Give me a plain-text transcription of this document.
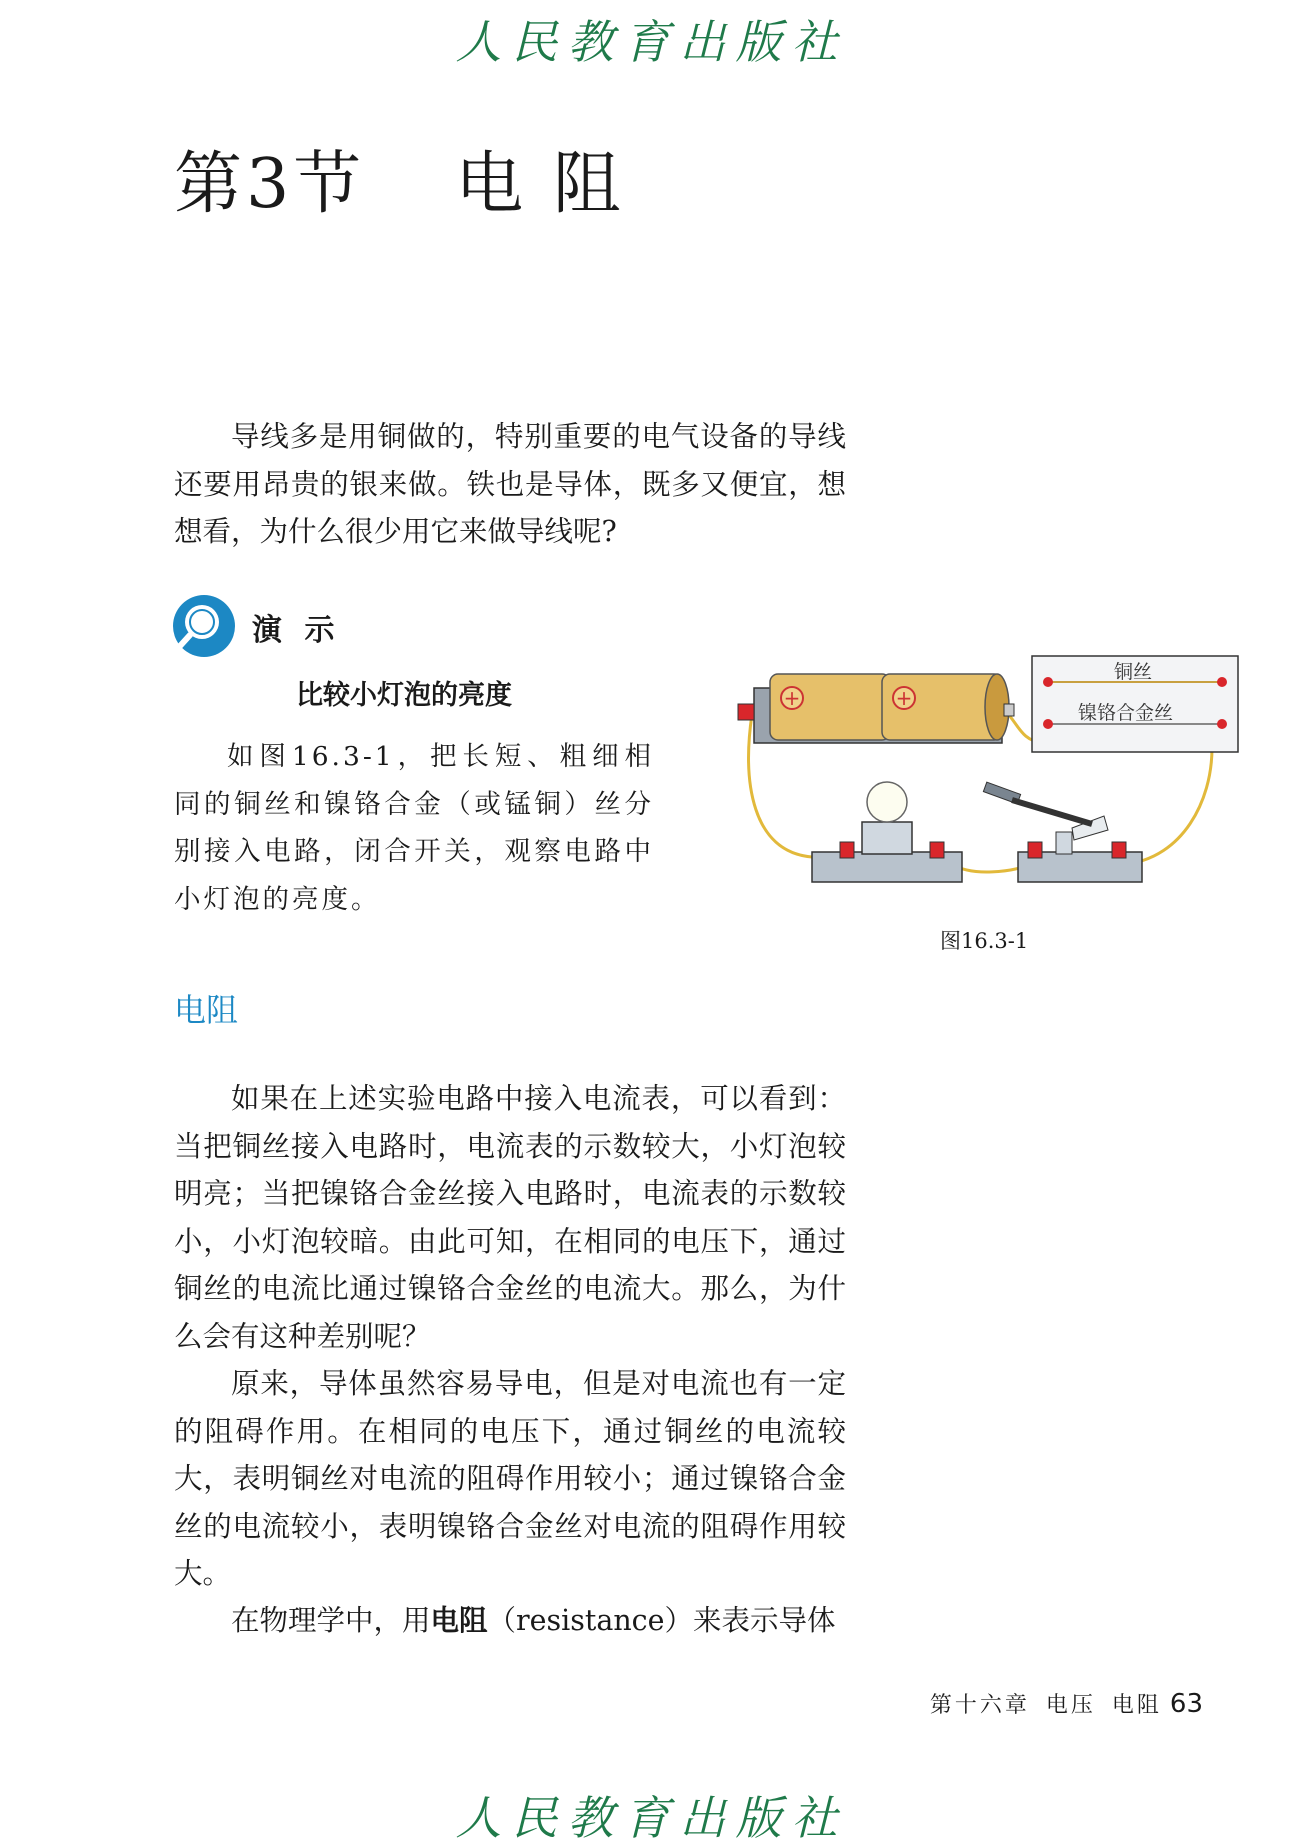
人民教育出版社
第3节 电 阻

导线多是用铜做的，特别重要的电气设备的导线还要用昂贵的银来做。铁也是导体，既多又便宜，想想看，为什么很少用它来做导线呢?

演 示
比较小灯泡的亮度

如图16.3-1，把长短、粗细相同的铜丝和镍铬合金（或锰铜）丝分别接入电路，闭合开关，观察电路中小灯泡的亮度。

+	+
铜丝
镍铬合金丝
图16.3-1
电阻

如果在上述实验电路中接入电流表，可以看到：当把铜丝接入电路时，电流表的示数较大，小灯泡较明亮；当把镍铬合金丝接入电路时，电流表的示数较小，小灯泡较暗。由此可知，在相同的电压下，通过铜丝的电流比通过镍铬合金丝的电流大。那么，为什么会有这种差别呢？

原来，导体虽然容易导电，但是对电流也有一定的阻碍作用。在相同的电压下，通过铜丝的电流较大，表明铜丝对电流的阻碍作用较小；通过镍铬合金丝的电流较小，表明镍铬合金丝对电流的阻碍作用较大。

在物理学中，用电阻（resistance）来表示导体

第十六章 电压 电阻 63
人民教育出版社
